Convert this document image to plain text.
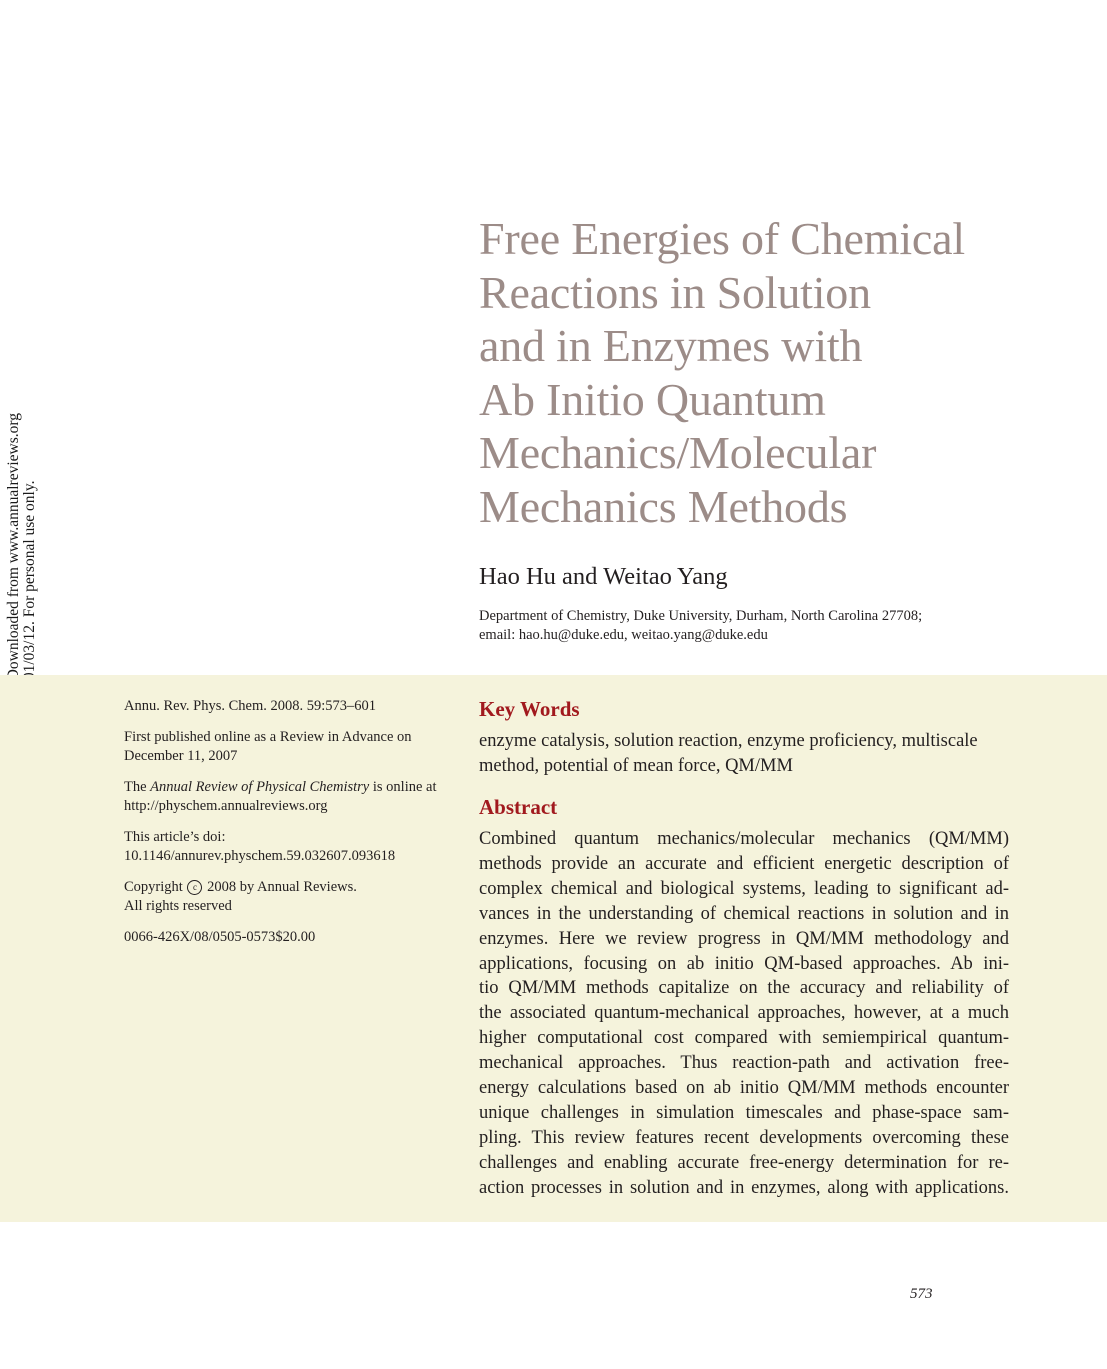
Free Energies of Chemical
Reactions in Solution
and in Enzymes with
Ab Initio Quantum
Mechanics/Molecular
Mechanics Methods
Hao Hu and Weitao Yang
Department of Chemistry, Duke University, Durham, North Carolina 27708;
email: hao.hu@duke.edu, weitao.yang@duke.edu

Annu. Rev. Phys. Chem. 2008. 59:573–601

First published online as a Review in Advance on
December 11, 2007

The Annual Review of Physical Chemistry is online at
http://physchem.annualreviews.org

This article’s doi:
10.1146/annurev.physchem.59.032607.093618

Copyright c 2008 by Annual Reviews.
All rights reserved

0066-426X/08/0505-0573$20.00

Key Words
enzyme catalysis, solution reaction, enzyme proficiency, multiscale
method, potential of mean force, QM/MM
Abstract
Combined quantum mechanics/molecular mechanics (QM/MM)
methods provide an accurate and efficient energetic description of
complex chemical and biological systems, leading to significant ad-
vances in the understanding of chemical reactions in solution and in
enzymes. Here we review progress in QM/MM methodology and
applications, focusing on ab initio QM-based approaches. Ab ini-
tio QM/MM methods capitalize on the accuracy and reliability of
the associated quantum-mechanical approaches, however, at a much
higher computational cost compared with semiempirical quantum-
mechanical approaches. Thus reaction-path and activation free-
energy calculations based on ab initio QM/MM methods encounter
unique challenges in simulation timescales and phase-space sam-
pling. This review features recent developments overcoming these
challenges and enabling accurate free-energy determination for re-
action processes in solution and in enzymes, along with applications.
573
